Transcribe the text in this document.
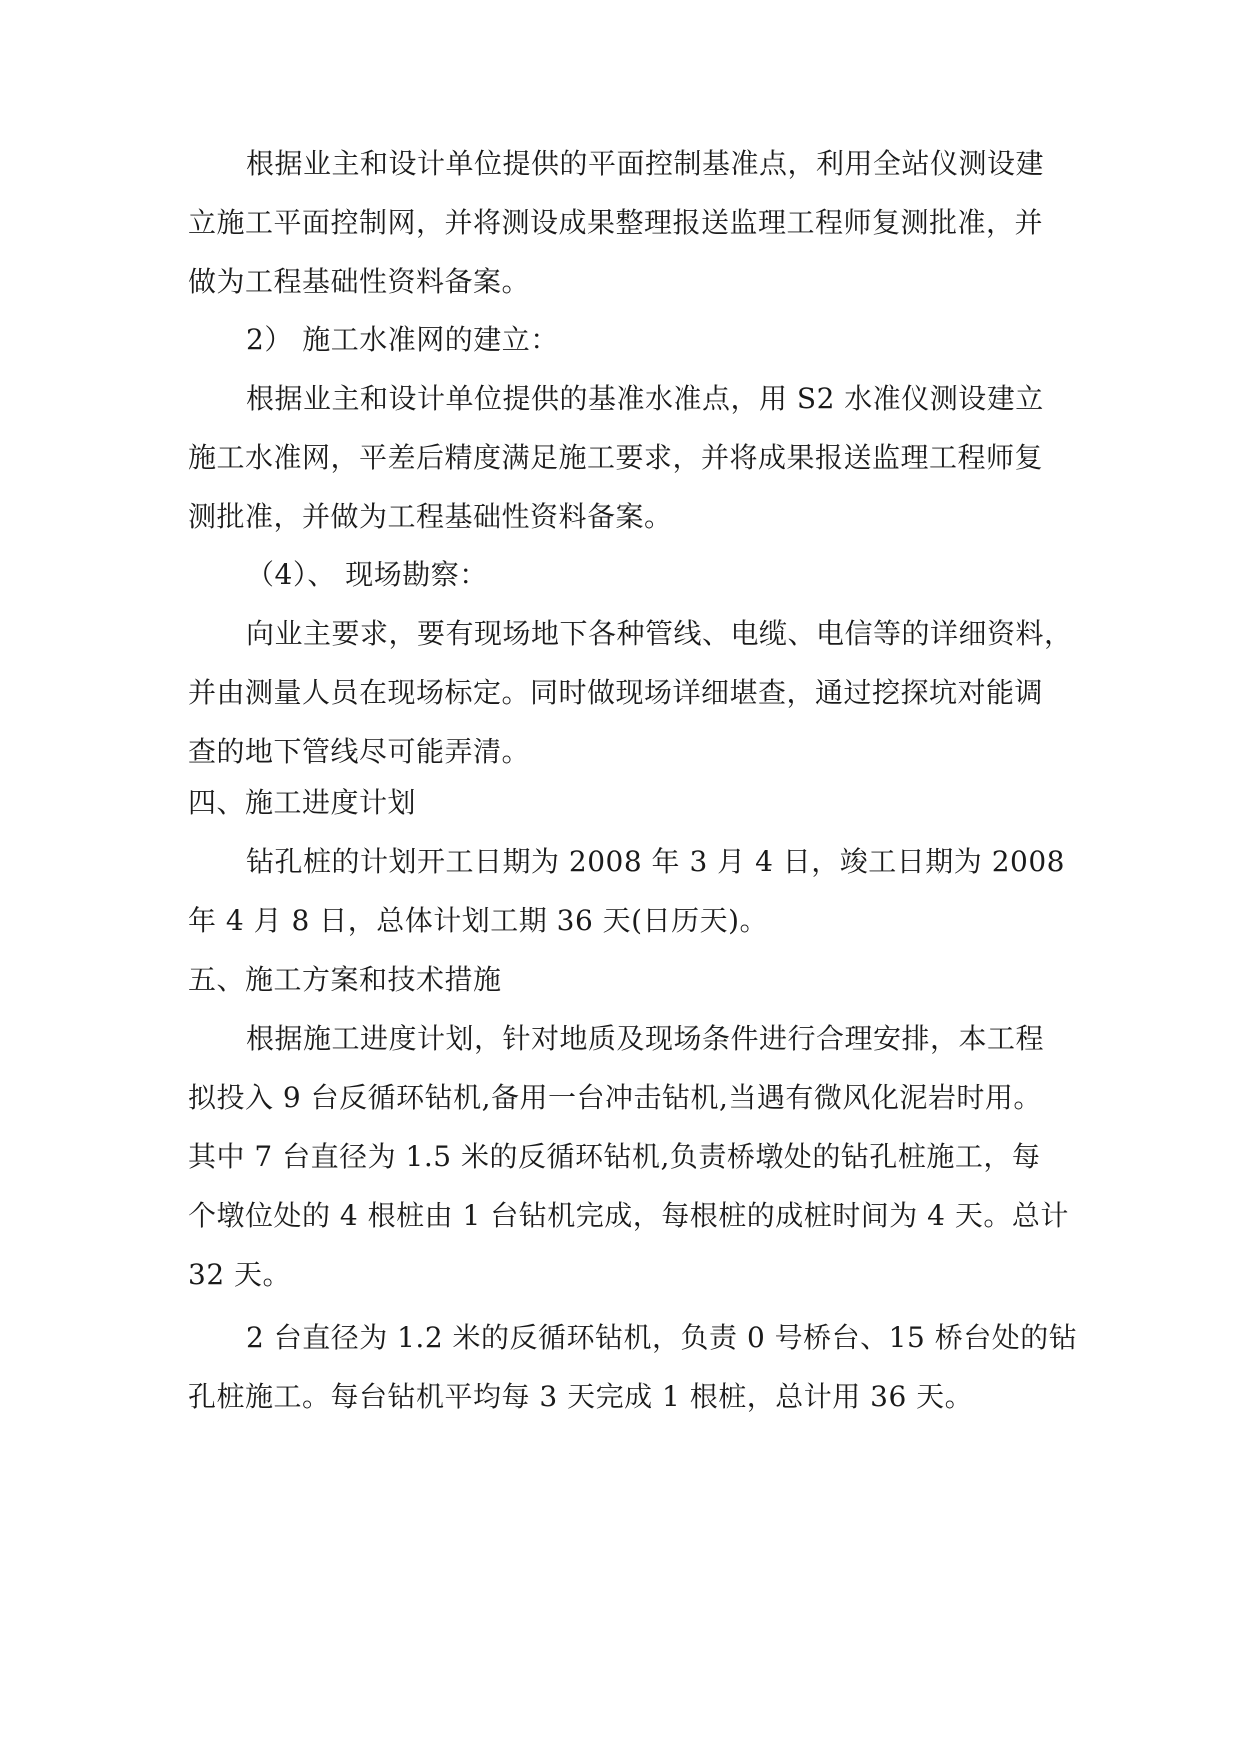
根据业主和设计单位提供的平面控制基准点，利用全站仪测设建
立施工平面控制网，并将测设成果整理报送监理工程师复测批准，并
做为工程基础性资料备案。
2） 施工水准网的建立：
根据业主和设计单位提供的基准水准点，用 S2 水准仪测设建立
施工水准网，平差后精度满足施工要求，并将成果报送监理工程师复
测批准，并做为工程基础性资料备案。
（4）、 现场勘察：
向业主要求，要有现场地下各种管线、电缆、电信等的详细资料，
并由测量人员在现场标定。同时做现场详细堪查，通过挖探坑对能调
查的地下管线尽可能弄清。
四、施工进度计划
钻孔桩的计划开工日期为 2008 年 3 月 4 日，竣工日期为 2008
年 4 月 8 日，总体计划工期 36 天(日历天)。
五、施工方案和技术措施
根据施工进度计划，针对地质及现场条件进行合理安排，本工程
拟投入 9 台反循环钻机,备用一台冲击钻机,当遇有微风化泥岩时用。
其中 7 台直径为 1.5 米的反循环钻机,负责桥墩处的钻孔桩施工，每
个墩位处的 4 根桩由 1 台钻机完成，每根桩的成桩时间为 4 天。总计
32 天。
2 台直径为 1.2 米的反循环钻机，负责 0 号桥台、15 桥台处的钻
孔桩施工。每台钻机平均每 3 天完成 1 根桩，总计用 36 天。
